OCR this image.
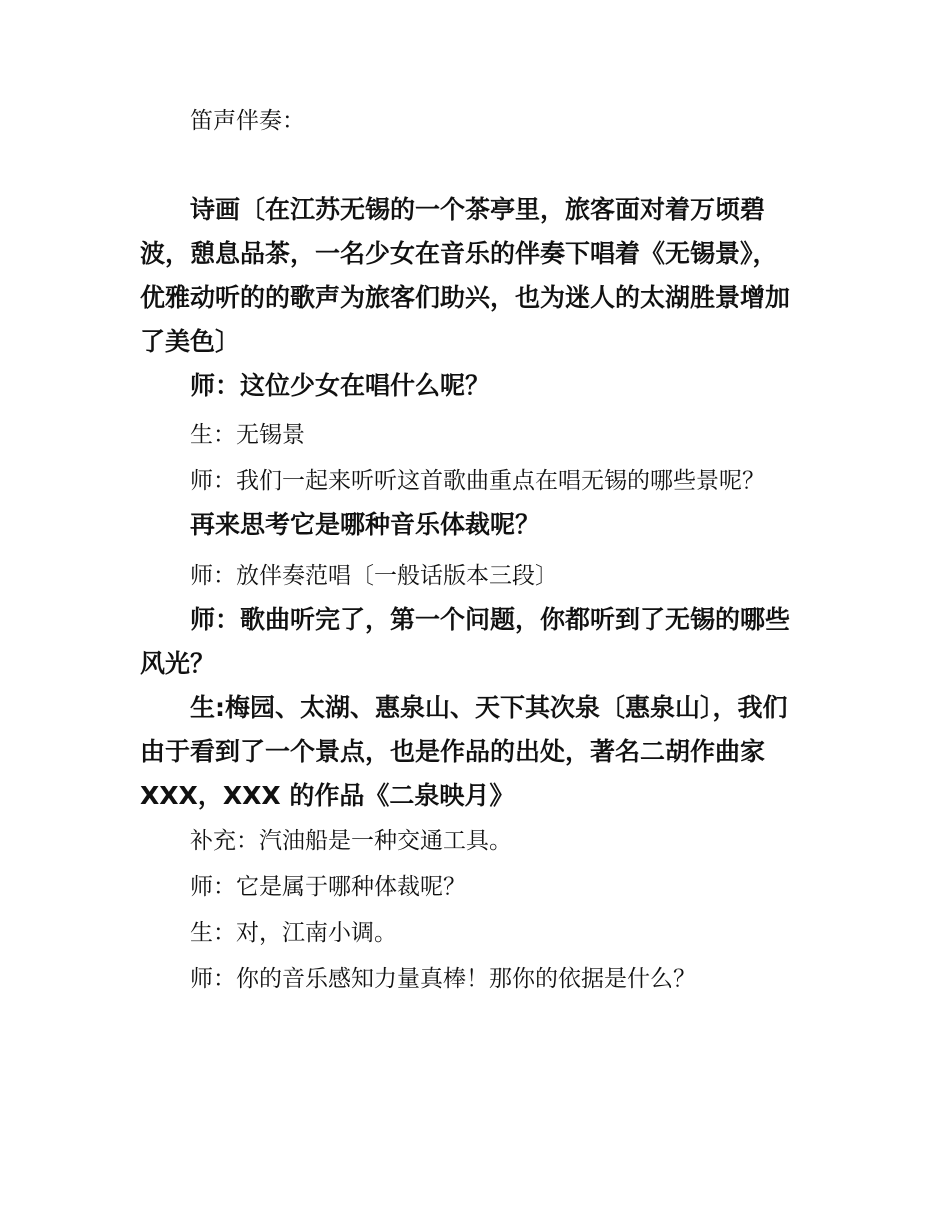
笛声伴奏：

诗画〔在江苏无锡的一个茶亭里，旅客面对着万顷碧波，憩息品茶，一名少女在音乐的伴奏下唱着《无锡景》，优雅动听的的歌声为旅客们助兴，也为迷人的太湖胜景增加了美色〕

师：这位少女在唱什么呢？

生：无锡景

师：我们一起来听听这首歌曲重点在唱无锡的哪些景呢？

再来思考它是哪种音乐体裁呢？

师：放伴奏范唱〔一般话版本三段〕

师：歌曲听完了，第一个问题，你都听到了无锡的哪些风光？

生:梅园、太湖、惠泉山、天下其次泉〔惠泉山〕，我们由于看到了一个景点，也是作品的出处，著名二胡作曲家 XXX，XXX 的作品《二泉映月》

补充：汽油船是一种交通工具。

师：它是属于哪种体裁呢？

生：对，江南小调。

师：你的音乐感知力量真棒！那你的依据是什么？
